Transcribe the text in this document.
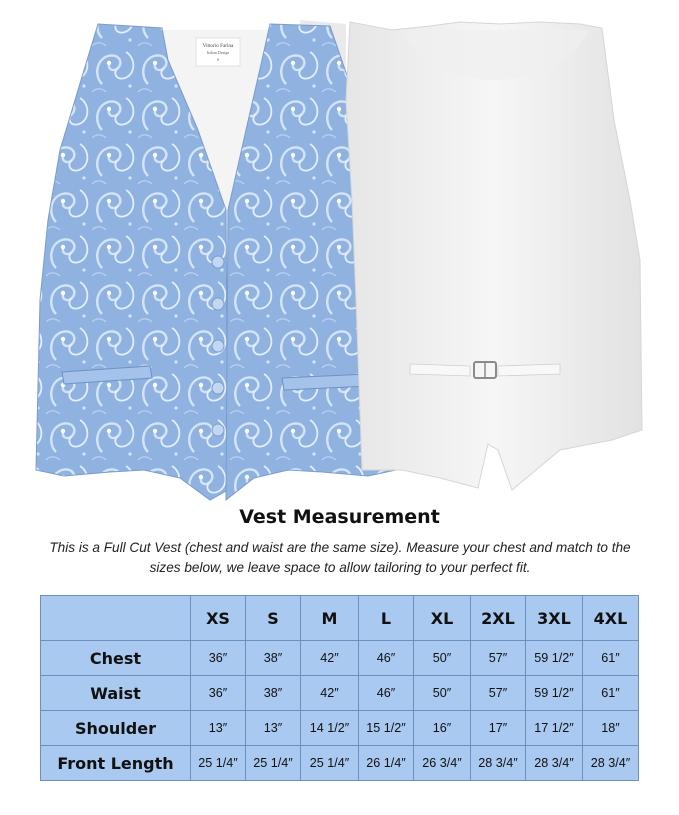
Vittorio Farina
Italian Design
S
Vest Measurement
This is a Full Cut Vest (chest and waist are the same size). Measure your chest and match to the sizes below, we leave space to allow tailoring to your perfect fit.
	XS	S	M	L	XL	2XL	3XL	4XL
Chest	36″	38″	42″	46″	50″	57″	59 1/2″	61″
Waist	36″	38″	42″	46″	50″	57″	59 1/2″	61″
Shoulder	13″	13″	14 1/2″	15 1/2″	16″	17″	17 1/2″	18″
Front Length	25 1/4″	25 1/4″	25 1/4″	26 1/4″	26 3/4″	28 3/4″	28 3/4″	28 3/4″
